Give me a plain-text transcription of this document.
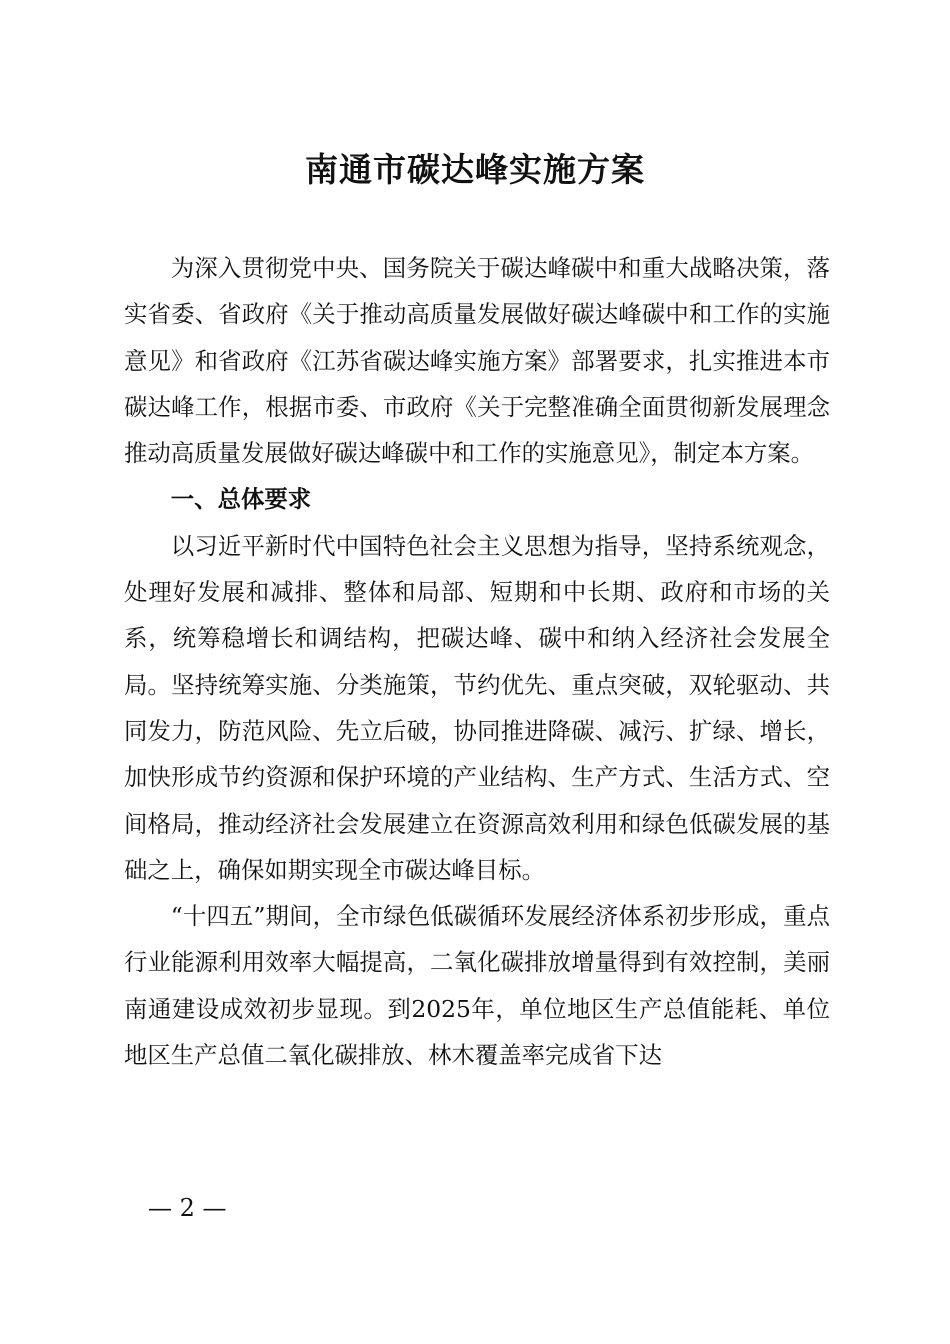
南通市碳达峰实施方案

为深入贯彻党中央、国务院关于碳达峰碳中和重大战略决策，落实省委、省政府《关于推动高质量发展做好碳达峰碳中和工作的实施意见》和省政府《江苏省碳达峰实施方案》部署要求，扎实推进本市碳达峰工作，根据市委、市政府《关于完整准确全面贯彻新发展理念推动高质量发展做好碳达峰碳中和工作的实施意见》，制定本方案。

一、总体要求

以习近平新时代中国特色社会主义思想为指导，坚持系统观念，处理好发展和减排、整体和局部、短期和中长期、政府和市场的关系，统筹稳增长和调结构，把碳达峰、碳中和纳入经济社会发展全局。坚持统筹实施、分类施策，节约优先、重点突破，双轮驱动、共同发力，防范风险、先立后破，协同推进降碳、减污、扩绿、增长，加快形成节约资源和保护环境的产业结构、生产方式、生活方式、空间格局，推动经济社会发展建立在资源高效利用和绿色低碳发展的基础之上，确保如期实现全市碳达峰目标。

“十四五”期间，全市绿色低碳循环发展经济体系初步形成，重点行业能源利用效率大幅提高，二氧化碳排放增量得到有效控制，美丽南通建设成效初步显现。到2025年，单位地区生产总值能耗、单位地区生产总值二氧化碳排放、林木覆盖率完成省下达

— 2 —
